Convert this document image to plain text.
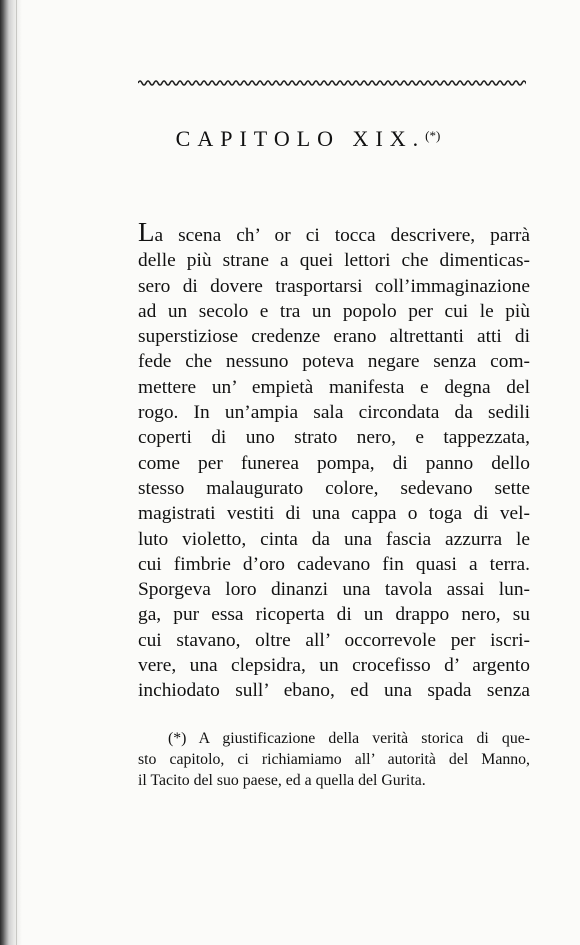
CAPITOLO XIX.(*)
La scena ch’ or ci tocca descrivere, parrà
delle più strane a quei lettori che dimenticas-
sero di dovere trasportarsi coll’immaginazione
ad un secolo e tra un popolo per cui le più
superstiziose credenze erano altrettanti atti di
fede che nessuno poteva negare senza com-
mettere un’ empietà manifesta e degna del
rogo. In un’ampia sala circondata da sedili
coperti di uno strato nero, e tappezzata,
come per funerea pompa, di panno dello
stesso malaugurato colore, sedevano sette
magistrati vestiti di una cappa o toga di vel-
luto violetto, cinta da una fascia azzurra le
cui fimbrie d’oro cadevano fin quasi a terra.
Sporgeva loro dinanzi una tavola assai lun-
ga, pur essa ricoperta di un drappo nero, su
cui stavano, oltre all’ occorrevole per iscri-
vere, una clepsidra, un crocefisso d’ argento
inchiodato sull’ ebano, ed una spada senza
(*) A giustificazione della verità storica di que-
sto capitolo, ci richiamiamo all’ autorità del Manno,
il Tacito del suo paese, ed a quella del Gurita.
